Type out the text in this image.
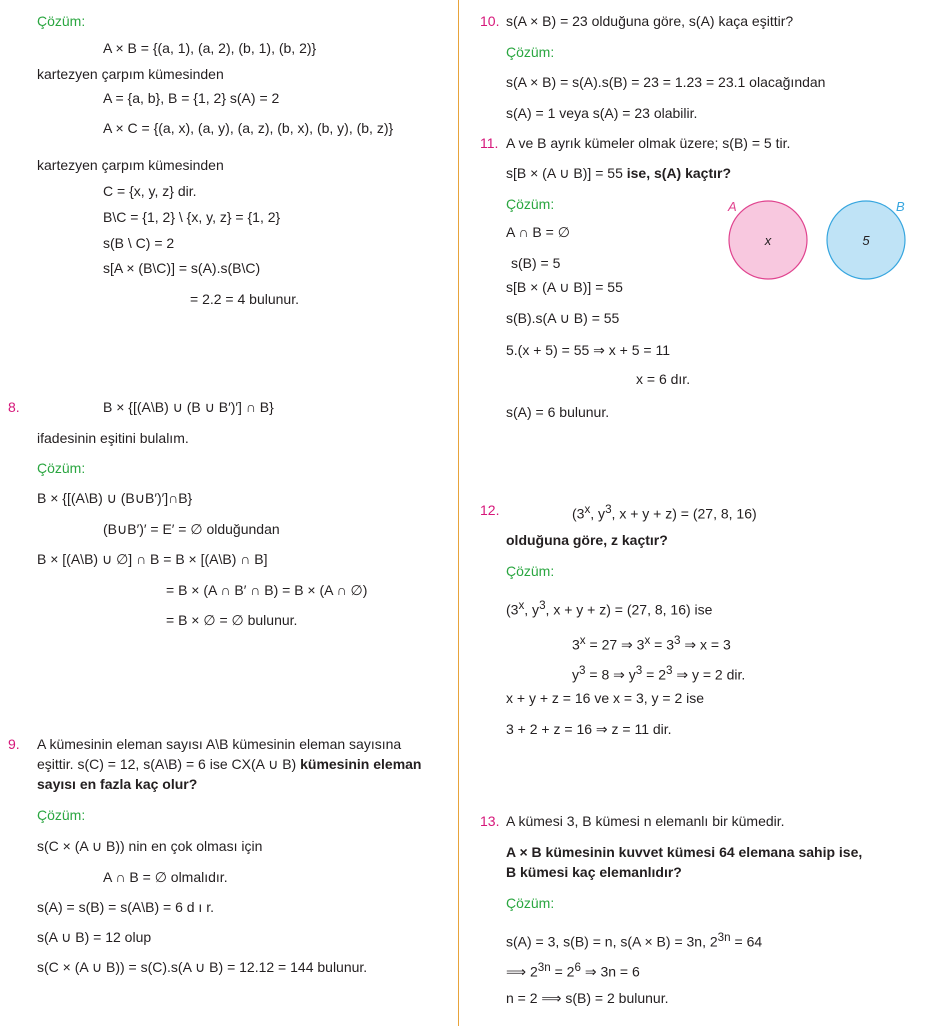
Çözüm:
A × B = {(a, 1), (a, 2), (b, 1), (b, 2)}
kartezyen çarpım kümesinden
A = {a, b}, B = {1, 2} s(A) = 2
A × C = {(a, x), (a, y), (a, z), (b, x), (b, y), (b, z)}
kartezyen çarpım kümesinden
C = {x, y, z} dir.
B\C = {1, 2} \ {x, y, z} = {1, 2}
s(B \ C) = 2
s[A × (B\C)] = s(A).s(B\C)
= 2.2 = 4 bulunur.
8.	B × {[(A\B) ∪ (B ∪ B′)′] ∩ B}
ifadesinin eşitini bulalım.
Çözüm:
B × {[(A\B) ∪ (B∪B′)′]∩B}
(B∪B′)′ = E′ = ∅ olduğundan
B × [(A\B) ∪ ∅] ∩ B = B × [(A\B) ∩ B]
= B × (A ∩ B′ ∩ B) = B × (A ∩ ∅)
= B × ∅ = ∅ bulunur.
9. A kümesinin eleman sayısı A\B kümesinin eleman sayısına
eşittir. s(C) = 12, s(A\B) = 6 ise CX(A ∪ B) kümesinin eleman
sayısı en fazla kaç olur?
Çözüm:
s(C × (A ∪ B)) nin en çok olması için
A ∩ B = ∅ olmalıdır.
s(A) = s(B) = s(A\B) = 6 d ı r.
s(A ∪ B) = 12 olup
s(C × (A ∪ B)) = s(C).s(A ∪ B) = 12.12 = 144 bulunur.
10. s(A × B) = 23 olduğuna göre, s(A) kaça eşittir?
Çözüm:
s(A × B) = s(A).s(B) = 23 = 1.23 = 23.1 olacağından
s(A) = 1 veya s(A) = 23 olabilir.
11. A ve B ayrık kümeler olmak üzere; s(B) = 5 tir.
s[B × (A ∪ B)] = 55 ise, s(A) kaçtır?
Çözüm:
A ∩ B = ∅
s(B) = 5
s[B × (A ∪ B)] = 55
s(B).s(A ∪ B) = 55
5.(x + 5) = 55 ⇒ x + 5 = 11
x = 6 dır.
s(A) = 6 bulunur.
A	B
x	5
12.	(3$^x$, $y^3$, x + y + z) = (27, 8, 16)
olduğuna göre, z kaçtır?
Çözüm:
(3$^x$, $y^3$, x + y + z) = (27, 8, 16) ise
$3^x = 27$ ⇒ $3^x = 3^3$ ⇒ x = 3
$y^3 = 8$ ⇒ $y^3 = 2^3$ ⇒ y = 2 dir.
x + y + z = 16 ve x = 3, y = 2 ise
3 + 2 + z = 16 ⇒ z = 11 dir.
13. A kümesi 3, B kümesi n elemanlı bir kümedir.
A × B kümesinin kuvvet kümesi 64 elemana sahip ise,
B kümesi kaç elemanlıdır?
Çözüm:
s(A) = 3, s(B) = n, s(A × B) = 3n, $2^{3n} = 64$
⟹ $2^{3n} = 2^6$ ⇒ 3n = 6
n = 2 ⟹ s(B) = 2 bulunur.
